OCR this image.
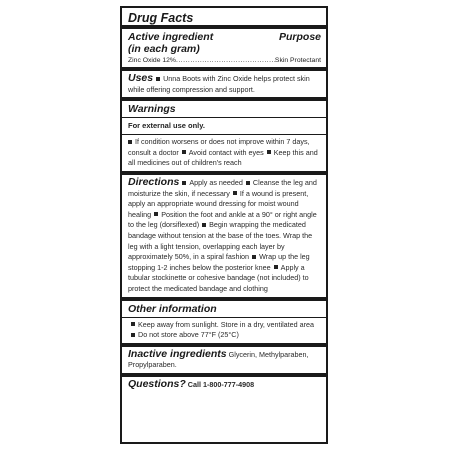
Drug Facts
Active ingredient
(in each gram)
Purpose
Zinc Oxide 12%
.....	Skin Protectant
Uses Unna Boots with Zinc Oxide helps protect skin while offering compression and support.
Warnings
For external use only.
If condition worsens or does not improve within 7 days, consult a doctor Avoid contact with eyes Keep this and all medicines out of children's reach
Directions Apply as needed Cleanse the leg and moisturize the skin, if necessary If a wound is present, apply an appropriate wound dressing for moist wound healing Position the foot and ankle at a 90° or right angle to the leg (dorsiflexed) Begin wrapping the medicated bandage without tension at the base of the toes. Wrap the leg with a light tension, overlapping each layer by approximately 50%, in a spiral fashion Wrap up the leg stopping 1-2 inches below the posterior knee Apply a tubular stockinette or cohesive bandage (not included) to protect the medicated bandage and clothing
Other information
Keep away from sunlight. Store in a dry, ventilated area
Do not store above 77°F (25°C)
Inactive ingredients Glycerin, Methylparaben, Propylparaben.
Questions? Call 1-800-777-4908
